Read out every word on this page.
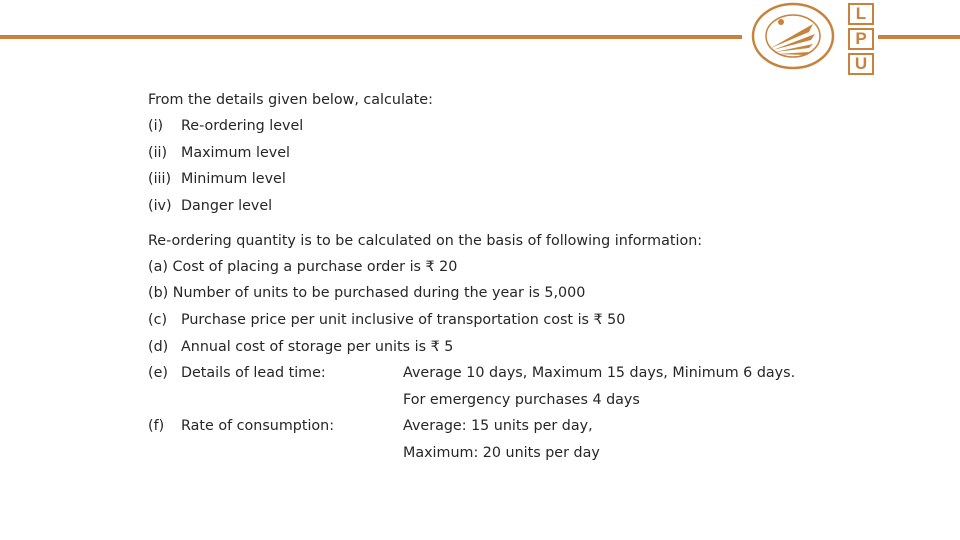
L
P
U
From the details given below, calculate:
(i) Re-ordering level
(ii) Maximum level
(iii) Minimum level
(iv) Danger level
Re-ordering quantity is to be calculated on the basis of following information:
(a) Cost of placing a purchase order is ₹ 20
(b) Number of units to be purchased during the year is 5,000
(c) Purchase price per unit inclusive of transportation cost is ₹ 50
(d) Annual cost of storage per units is ₹ 5
(e) Details of lead time:	Average 10 days, Maximum 15 days, Minimum 6 days.
For emergency purchases 4 days
(f) Rate of consumption:	Average: 15 units per day,
Maximum: 20 units per day
